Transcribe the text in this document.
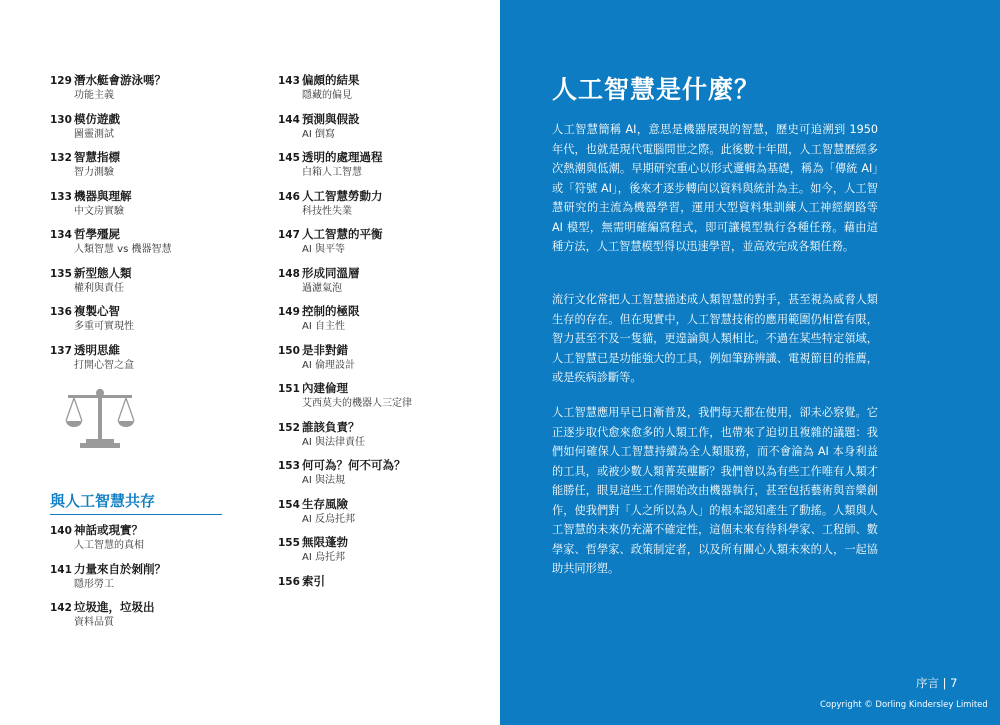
129 潛水艇會游泳嗎？
功能主義
130 模仿遊戲
圖靈測試
132 智慧指標
智力測驗
133 機器與理解
中文房實驗
134 哲學殭屍
人類智慧 vs 機器智慧
135 新型態人類
權利與責任
136 複製心智
多重可實現性
137 透明思維
打開心智之盒
與人工智慧共存
140 神話或現實？
人工智慧的真相
141 力量來自於剝削？
隱形勞工
142 垃圾進，垃圾出
資料品質
143 偏頗的結果
隱藏的偏見
144 預測與假設
AI 倒寫
145 透明的處理過程
白箱人工智慧
146 人工智慧勞動力
科技性失業
147 人工智慧的平衡
AI 與平等
148 形成同溫層
過濾氣泡
149 控制的極限
AI 自主性
150 是非對錯
AI 倫理設計
151 內建倫理
艾西莫夫的機器人三定律
152 誰該負責？
AI 與法律責任
153 何可為？何不可為？
AI 與法規
154 生存風險
AI 反烏托邦
155 無限蓬勃
AI 烏托邦
156 索引
人工智慧是什麼？
人工智慧簡稱 AI，意思是機器展現的智慧，歷史可追溯到 1950 年代，也就是現代電腦問世之際。此後數十年間，人工智慧歷經多次熱潮與低潮。早期研究重心以形式邏輯為基礎，稱為「傳統 AI」或「符號 AI」，後來才逐步轉向以資料與統計為主。如今，人工智慧研究的主流為機器學習，運用大型資料集訓練人工神經網路等 AI 模型，無需明確編寫程式，即可讓模型執行各種任務。藉由這種方法，人工智慧模型得以迅速學習，並高效完成各類任務。
流行文化常把人工智慧描述成人類智慧的對手，甚至視為威脅人類生存的存在。但在現實中，人工智慧技術的應用範圍仍相當有限，智力甚至不及一隻貓，更遑論與人類相比。不過在某些特定領域，人工智慧已是功能強大的工具，例如筆跡辨識、電視節目的推薦，或是疾病診斷等。
人工智慧應用早已日漸普及，我們每天都在使用，卻未必察覺。它正逐步取代愈來愈多的人類工作，也帶來了迫切且複雜的議題：我們如何確保人工智慧持續為全人類服務，而不會淪為 AI 本身利益的工具，或被少數人類菁英壟斷？我們曾以為有些工作唯有人類才能勝任，眼見這些工作開始改由機器執行，甚至包括藝術與音樂創作，使我們對「人之所以為人」的根本認知產生了動搖。人類與人工智慧的未來仍充滿不確定性，這個未來有待科學家、工程師、數學家、哲學家、政策制定者，以及所有關心人類未來的人，一起協助共同形塑。
序言 | 7
Copyright © Dorling Kindersley Limited
